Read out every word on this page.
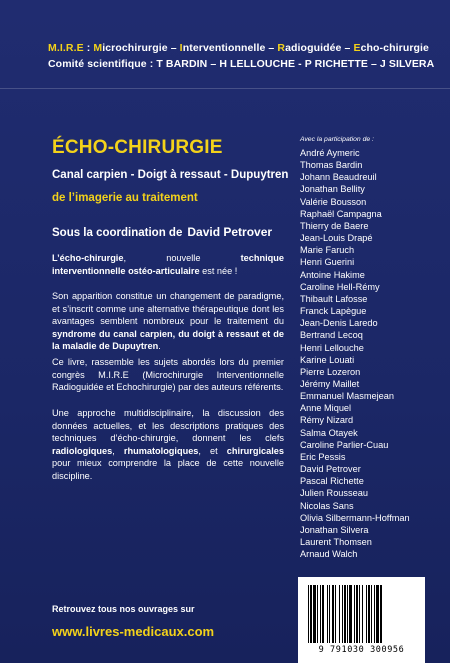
M.I.R.E : Microchirurgie – Interventionnelle – Radioguidée – Echo-chirurgie
Comité scientifique : T BARDIN – H LELLOUCHE - P RICHETTE – J SILVERA
ÉCHO-CHIRURGIE
Canal carpien - Doigt à ressaut - Dupuytren
de l’imagerie au traitement
Sous la coordination de David Petrover
L’écho-chirurgie, nouvelle technique interventionnelle ostéo-articulaire est née !
Son apparition constitue un changement de paradigme, et s’inscrit comme une alternative thérapeutique dont les avantages semblent nombreux pour le traitement du syndrome du canal carpien, du doigt à ressaut et de la maladie de Dupuytren.
Ce livre, rassemble les sujets abordés lors du premier congrès M.I.R.E (Microchirurgie Interventionnelle Radioguidée et Echochirurgie) par des auteurs référents.
Une approche multidisciplinaire, la discussion des données actuelles, et les descriptions pratiques des techniques d’écho-chirurgie, donnent les clefs radiologiques, rhumatologiques, et chirurgicales pour mieux comprendre la place de cette nouvelle discipline.
Avec la participation de :
André Aymeric
Thomas Bardin
Johann Beaudreuil
Jonathan Bellity
Valérie Bousson
Raphaël Campagna
Thierry de Baere
Jean-Louis Drapé
Marie Faruch
Henri Guerini
Antoine Hakime
Caroline Hell-Rémy
Thibault Lafosse
Franck Lapègue
Jean-Denis Laredo
Bertrand Lecoq
Henri Lellouche
Karine Louati
Pierre Lozeron
Jérémy Maillet
Emmanuel Masmejean
Anne Miquel
Rémy Nizard
Salma Otayek
Caroline Parlier-Cuau
Eric Pessis
David Petrover
Pascal Richette
Julien Rousseau
Nicolas Sans
Olivia Silbermann-Hoffman
Jonathan Silvera
Laurent Thomsen
Arnaud Walch
Retrouvez tous nos ouvrages sur
www.livres-medicaux.com
9 791030 300956
